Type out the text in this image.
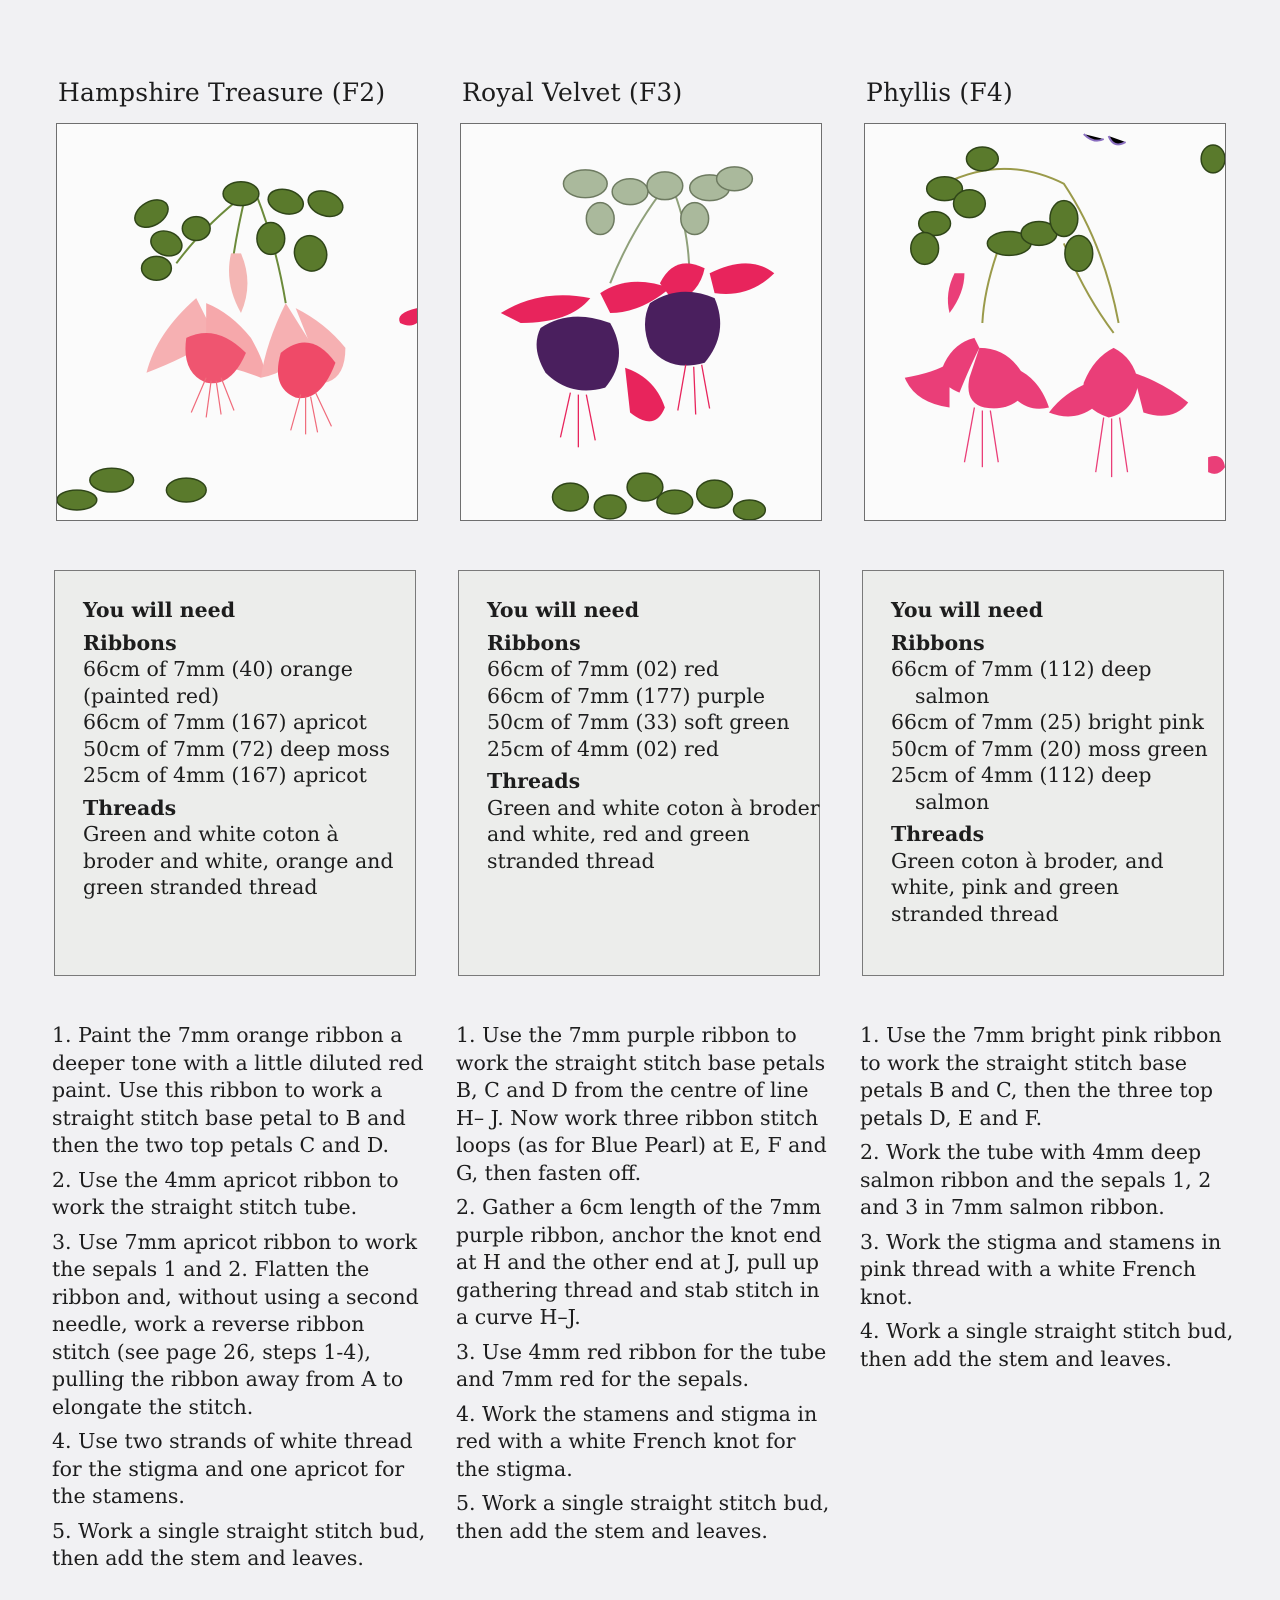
Hampshire Treasure (F2)
You will need
Ribbons
66cm of 7mm (40) orange
(painted red)
66cm of 7mm (167) apricot
50cm of 7mm (72) deep moss
25cm of 4mm (167) apricot
Threads
Green and white coton à
broder and white, orange and
green stranded thread

1. Paint the 7mm orange ribbon a deeper tone with a little diluted red paint. Use this ribbon to work a straight stitch base petal to B and then the two top petals C and D.

2. Use the 4mm apricot ribbon to work the straight stitch tube.

3. Use 7mm apricot ribbon to work the sepals 1 and 2. Flatten the ribbon and, without using a second needle, work a reverse ribbon stitch (see page 26, steps 1-4), pulling the ribbon away from A to elongate the stitch.

4. Use two strands of white thread for the stigma and one apricot for the stamens.

5. Work a single straight stitch bud, then add the stem and leaves.

Royal Velvet (F3)
You will need
Ribbons
66cm of 7mm (02) red
66cm of 7mm (177) purple
50cm of 7mm (33) soft green
25cm of 4mm (02) red
Threads
Green and white coton à broder
and white, red and green
stranded thread

1. Use the 7mm purple ribbon to work the straight stitch base petals B, C and D from the centre of line H– J. Now work three ribbon stitch loops (as for Blue Pearl) at E, F and G, then fasten off.

2. Gather a 6cm length of the 7mm purple ribbon, anchor the knot end at H and the other end at J, pull up gathering thread and stab stitch in a curve H–J.

3. Use 4mm red ribbon for the tube and 7mm red for the sepals.

4. Work the stamens and stigma in red with a white French knot for the stigma.

5. Work a single straight stitch bud, then add the stem and leaves.

Phyllis (F4)
You will need
Ribbons
66cm of 7mm (112) deep
salmon
66cm of 7mm (25) bright pink
50cm of 7mm (20) moss green
25cm of 4mm (112) deep
salmon
Threads
Green coton à broder, and
white, pink and green
stranded thread

1. Use the 7mm bright pink ribbon to work the straight stitch base petals B and C, then the three top petals D, E and F.

2. Work the tube with 4mm deep salmon ribbon and the sepals 1, 2 and 3 in 7mm salmon ribbon.

3. Work the stigma and stamens in pink thread with a white French knot.

4. Work a single straight stitch bud, then add the stem and leaves.
